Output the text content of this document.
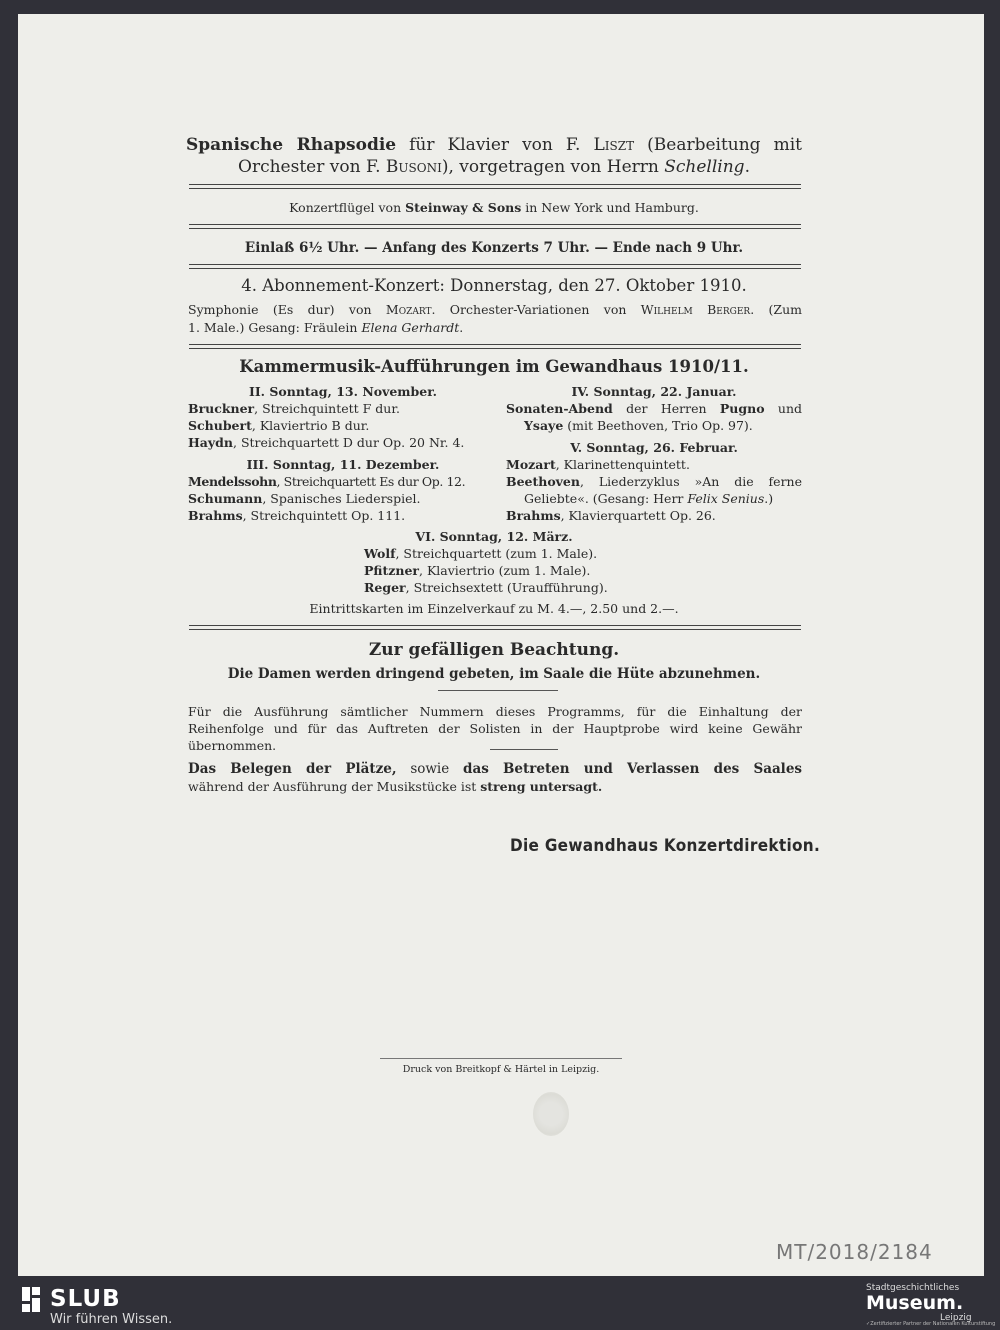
Spanische Rhapsodie für Klavier von F. Liszt (Bearbeitung mit
Orchester von F. Busoni), vorgetragen von Herrn Schelling.
Konzertflügel von Steinway & Sons in New York und Hamburg.
Einlaß 6½ Uhr. — Anfang des Konzerts 7 Uhr. — Ende nach 9 Uhr.
4. Abonnement-Konzert: Donnerstag, den 27. Oktober 1910.
Symphonie (Es dur) von Mozart. Orchester-Variationen von Wilhelm Berger. (Zum
1. Male.) Gesang: Fräulein Elena Gerhardt.
Kammermusik-Aufführungen im Gewandhaus 1910/11.
II. Sonntag, 13. November.
Bruckner, Streichquintett F dur.
Schubert, Klaviertrio B dur.
Haydn, Streichquartett D dur Op. 20 Nr. 4.
III. Sonntag, 11. Dezember.
Mendelssohn, Streichquartett Es dur Op. 12.
Schumann, Spanisches Liederspiel.
Brahms, Streichquintett Op. 111.
IV. Sonntag, 22. Januar.
Sonaten-Abend der Herren Pugno und
Ysaye (mit Beethoven, Trio Op. 97).
V. Sonntag, 26. Februar.
Mozart, Klarinettenquintett.
Beethoven, Liederzyklus »An die ferne
Geliebte«. (Gesang: Herr Felix Senius.)
Brahms, Klavierquartett Op. 26.
VI. Sonntag, 12. März.
Wolf, Streichquartett (zum 1. Male).
Pfitzner, Klaviertrio (zum 1. Male).
Reger, Streichsextett (Uraufführung).
Eintrittskarten im Einzelverkauf zu M. 4.—, 2.50 und 2.—.
Zur gefälligen Beachtung.
Die Damen werden dringend gebeten, im Saale die Hüte abzunehmen.
Für die Ausführung sämtlicher Nummern dieses Programms, für die Einhaltung der
Reihenfolge und für das Auftreten der Solisten in der Hauptprobe wird keine Gewähr
übernommen.
Das Belegen der Plätze, sowie das Betreten und Verlassen des Saales
während der Ausführung der Musikstücke ist streng untersagt.
Die Gewandhaus Konzertdirektion.
Druck von Breitkopf & Härtel in Leipzig.
MT/2018/2184
SLUB
Wir führen Wissen.
Stadtgeschichtliches
Museum.
Leipzig
✓Zertifizierter Partner der Nationalen Kulturstiftung
